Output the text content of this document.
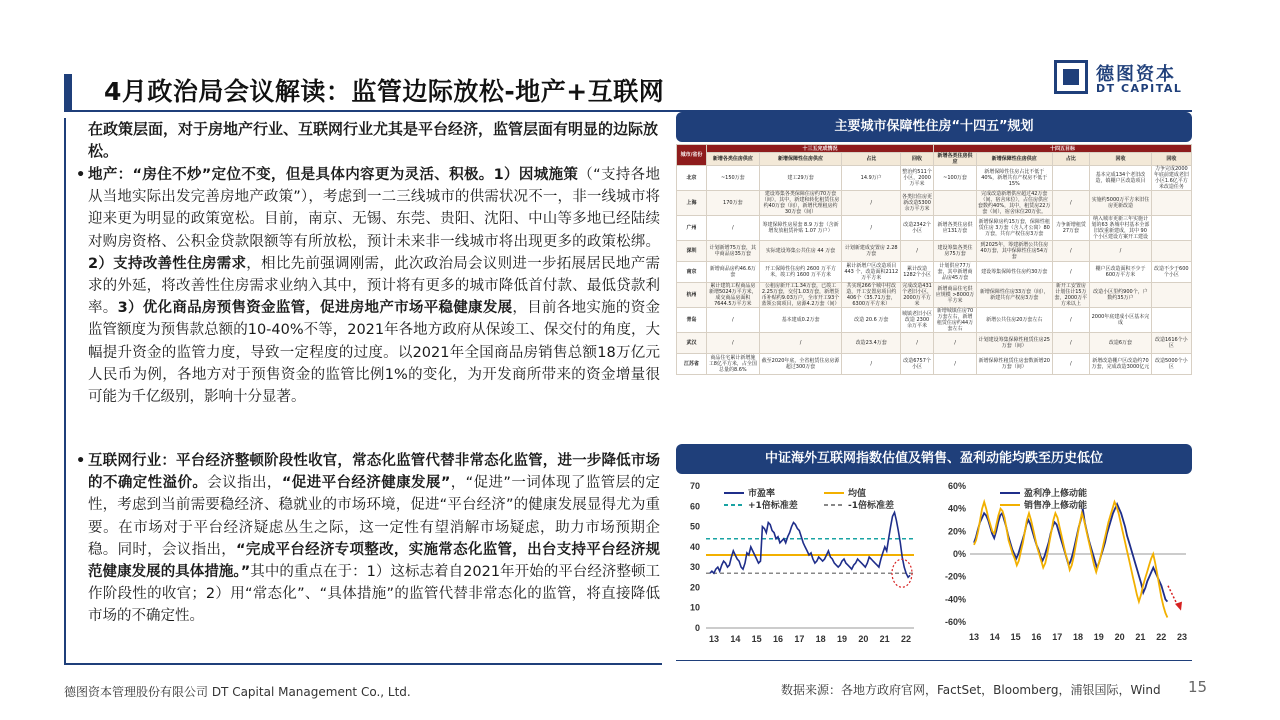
4月政治局会议解读：监管边际放松-地产+互联网
德图资本
DT CAPITAL
在政策层面，对于房地产行业、互联网行业尤其是平台经济，监管层面有明显的边际放松。
• 地产：“房住不炒”定位不变，但是具体内容更为灵活、积极。1）因城施策（“支持各地从当地实际出发完善房地产政策”），考虑到一二三线城市的供需状况不一，非一线城市将迎来更为明显的政策宽松。目前，南京、无锡、东莞、贵阳、沈阳、中山等多地已经陆续对购房资格、公积金贷款限额等有所放松，预计未来非一线城市将出现更多的政策松绑。2）支持改善性住房需求，相比先前强调刚需，此次政治局会议则进一步拓展居民地产需求的外延，将改善性住房需求业纳入其中，预计将有更多的城市降低首付款、最低贷款利率。3）优化商品房预售资金监管，促进房地产市场平稳健康发展，目前各地实施的资金监管额度为预售款总额的10-40%不等，2021年各地方政府从保竣工、保交付的角度，大幅提升资金的监管力度，导致一定程度的过度。以2021年全国商品房销售总额18万亿元人民币为例，各地方对于预售资金的监管比例1%的变化，为开发商所带来的资金增量很可能为千亿级别，影响十分显著。
• 互联网行业：平台经济整顿阶段性收官，常态化监管代替非常态化监管，进一步降低市场的不确定性溢价。会议指出，“促进平台经济健康发展”，“促进”一词体现了监管层的定性，考虑到当前需要稳经济、稳就业的市场环境，促进“平台经济”的健康发展显得尤为重要。在市场对于平台经济疑虑丛生之际，这一定性有望消解市场疑虑，助力市场预期企稳。同时，会议指出，“完成平台经济专项整改，实施常态化监管，出台支持平台经济规范健康发展的具体措施。”其中的重点在于：1）这标志着自2021年开始的平台经济整顿工作阶段性的收官；2）用“常态化”、“具体措施”的监管代替非常态化的监管，将直接降低市场的不确定性。
主要城市保障性住房“十四五”规划
城市/省份	十三五完成情况				十四五目标				
	新增各类住房供应	新增保障性住房供应	占比	回收	新增各类住房供应	新增保障性住房供应	占比	回收	回收
北京	~150万套	建工29万套	14.9万户	整治约511个小区，2000万平米	~100万套	新增保障性住房占比不低于40%，新增共有产权房不低于15%		基本完成134个老旧改造，镇棚户区改造项目	力争完成2000年底前建成老旧小区1.6亿平方米改造任务
上海	170万套	建设筹集各类保障住房约70万套（间），其中，新建和转化租赁住房约40万套（间），新增代理租房约30万套（间）	/	各类旧住房更新改造5300余万平方米		完成改造新增供应超过42万套（间、宿舍床位），占住房供应套数约40%，其中，租赁房22万套（间），宿舍床位20万张。	/	实施约5000万平方米旧住房更新改造	
广州	/	筹建保障性房屋套 8.9 万套（含新增发放租赁补贴 1.07 万户）	/	改造2342个小区	新增各类住房供应131万套	新增保障房约15万套，保障性租赁住房 3万套（含人才公寓）80万套，共有产权住房3万套	力争新增租赁27万套	纳入城市更新三年实施计划的63 条城中村基本全部旧改重新建成，其中 90 个小区建设方案开工建设	
深圳	计划新增75万套，其中商品房35万套	实际建设筹集公共住房 44 万套	计划新建成安置房 2.28 万套	/	建设筹集各类住房75万套	到2025年，筹建新增公共住房40万套，其中保障性住房54万套	/	/	
南京	新增商品房约46.6万套	开工保障性住房约 2600 万平方米，竣工约 1600 万平方米	累计新增户区改造项目 443 个，改造面积2112万平方米	累计改造1282个小区	计划供应77万套，其中新增商品房45万套	建设筹集保障性住房约30万套	/	棚户区改造面积不少于600万平方米	改造不少于600个小区
杭州	累计建筑工程商品房新增5024万平方米，成交商品房面积7644.5万平方米	公租房新开工1.34万套，已竣工2.25万套，交付1.03万套，新增货币补贴约9.03万户，全市开工93个蓝领公寓项目，房源4.2万套（间）	共实现266个城中村改造，开工安置房项目约406个（35.71万套，6300万平方米）	完成改造431个老旧小区，2000万平方米	新增商品住宅供应规模 >8000万平方米	新增保障性住房33万套（间），新建共有产权房3万套	新开工安置房计划住计15万套，2000万平方米以上	改造小区里约900个，户数约35万户	
青岛	/	基本建成0.2万套	改造 20.6 万套	城镇老旧小区改造 2300 余万平米	新增城镇住房70万套左右，新增租赁住房约44万套左右	新增公共住房20万套左右	/	2000年底建成小区基本完成	
武汉	/	/	改造23.4万套	/	/	计划建设筹集保障性租赁住房25万套（间）	/	改造6万套	改造1616个小区
江苏省	商品住宅累计新增施工8亿平方米，占全国总量的8.6%	截至2020年底，全省租赁住房房源超过300万套	/	改造6757个小区	/	新增保障性租赁住房套数新增20万套（间）	/	新增改造棚户区改造约70万套，完成改造3000亿元	改造5000个小区
中证海外互联网指数估值及销售、盈利动能均跌至历史低位
0
10
20
30
40
50
60
70
13 14 15 16 17 18 19 20 21 22
市盈率	均值
+1倍标准差	-1倍标准差
60%
40%
20%
0%
-20%
-40%
-60%
13 14 15 16 17 18 19 20 21 22 23
盈利净上修动能
销售净上修动能
德图资本管理股份有限公司 DT Capital Management Co., Ltd.	数据来源：各地方政府官网，FactSet，Bloomberg，浦银国际，Wind 15
